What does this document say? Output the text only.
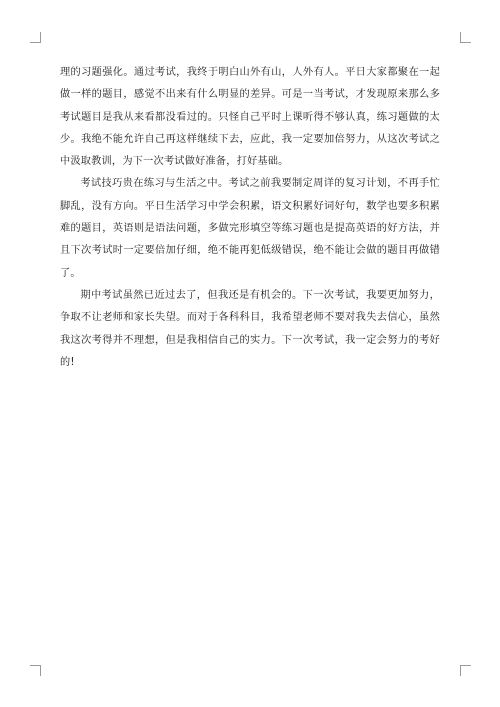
理的习题强化。通过考试，我终于明白山外有山，人外有人。平日大家都聚在一起做一样的题目，感觉不出来有什么明显的差异。可是一当考试，才发现原来那么多考试题目是我从来看都没看过的。只怪自己平时上课听得不够认真，练习题做的太少。我绝不能允许自己再这样继续下去，应此，我一定要加倍努力，从这次考试之中汲取教训，为下一次考试做好准备，打好基础。

考试技巧贵在练习与生活之中。考试之前我要制定周详的复习计划，不再手忙脚乱，没有方向。平日生活学习中学会积累，语文积累好词好句，数学也要多积累难的题目，英语则是语法问题，多做完形填空等练习题也是提高英语的好方法，并且下次考试时一定要倍加仔细，绝不能再犯低级错误，绝不能让会做的题目再做错了。

期中考试虽然已近过去了，但我还是有机会的。下一次考试，我要更加努力，争取不让老师和家长失望。而对于各科科目，我希望老师不要对我失去信心，虽然我这次考得并不理想，但是我相信自己的实力。下一次考试，我一定会努力的考好的!
